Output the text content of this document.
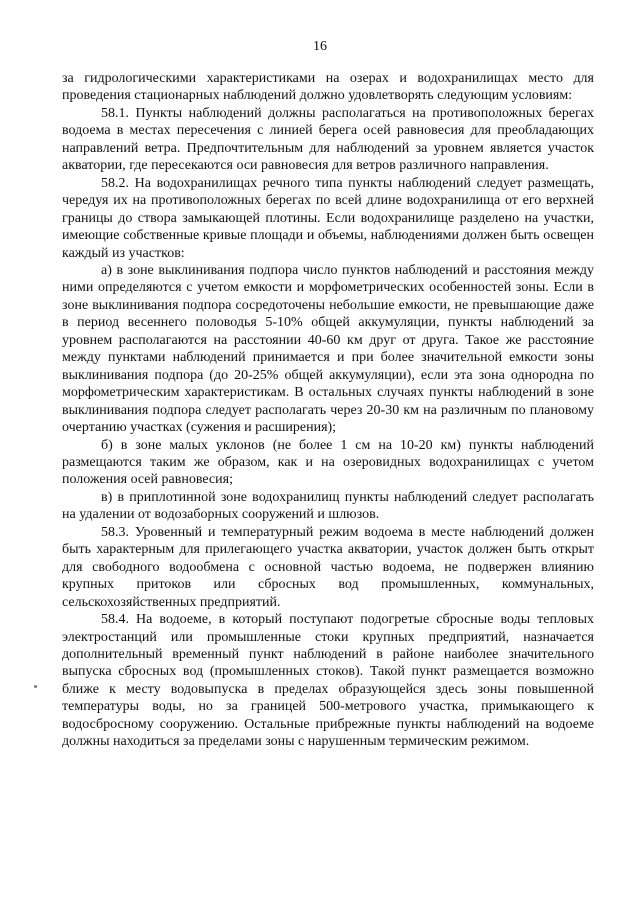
16

за гидрологическими характеристиками на озерах и водохранилищах место для проведения стационарных наблюдений должно удовлетворять следующим условиям:

58.1. Пункты наблюдений должны располагаться на противоположных берегах водоема в местах пересечения с линией берега осей равновесия для преобладающих направлений ветра. Предпочтительным для наблюдений за уровнем является участок акватории, где пересекаются оси равновесия для ветров различного направления.

58.2. На водохранилищах речного типа пункты наблюдений следует размещать, чередуя их на противоположных берегах по всей длине водохранилища от его верхней границы до створа замыкающей плотины. Если водохранилище разделено на участки, имеющие собственные кривые площади и объемы, наблюдениями должен быть освещен каждый из участков:

а) в зоне выклинивания подпора число пунктов наблюдений и расстояния между ними определяются с учетом емкости и морфометрических особенностей зоны. Если в зоне выклинивания подпора сосредоточены небольшие емкости, не превышающие даже в период весеннего половодья 5-10% общей аккумуляции, пункты наблюдений за уровнем располагаются на расстоянии 40-60 км друг от друга. Такое же расстояние между пунктами наблюдений принимается и при более значительной емкости зоны выклинивания подпора (до 20-25% общей аккумуляции), если эта зона однородна по морфометрическим характеристикам. В остальных случаях пункты наблюдений в зоне выклинивания подпора следует располагать через 20-30 км на различным по плановому очертанию участках (сужения и расширения);

б) в зоне малых уклонов (не более 1 см на 10-20 км) пункты наблюдений размещаются таким же образом, как и на озеровидных водохранилищах с учетом положения осей равновесия;

в) в приплотинной зоне водохранилищ пункты наблюдений следует располагать на удалении от водозаборных сооружений и шлюзов.

58.3. Уровенный и температурный режим водоема в месте наблюдений должен быть характерным для прилегающего участка акватории, участок должен быть открыт для свободного водообмена с основной частью водоема, не подвержен влиянию крупных притоков или сбросных вод промышленных, коммунальных, сельскохозяйственных предприятий.

58.4. На водоеме, в который поступают подогретые сбросные воды тепловых электростанций или промышленные стоки крупных предприятий, назначается дополнительный временный пункт наблюдений в районе наиболее значительного выпуска сбросных вод (промышленных стоков). Такой пункт размещается возможно ближе к месту водовыпуска в пределах образующейся здесь зоны повышенной температуры воды, но за границей 500-метрового участка, примыкающего к водосбросному сооружению. Остальные прибрежные пункты наблюдений на водоеме должны находиться за пределами зоны с нарушенным термическим режимом.
